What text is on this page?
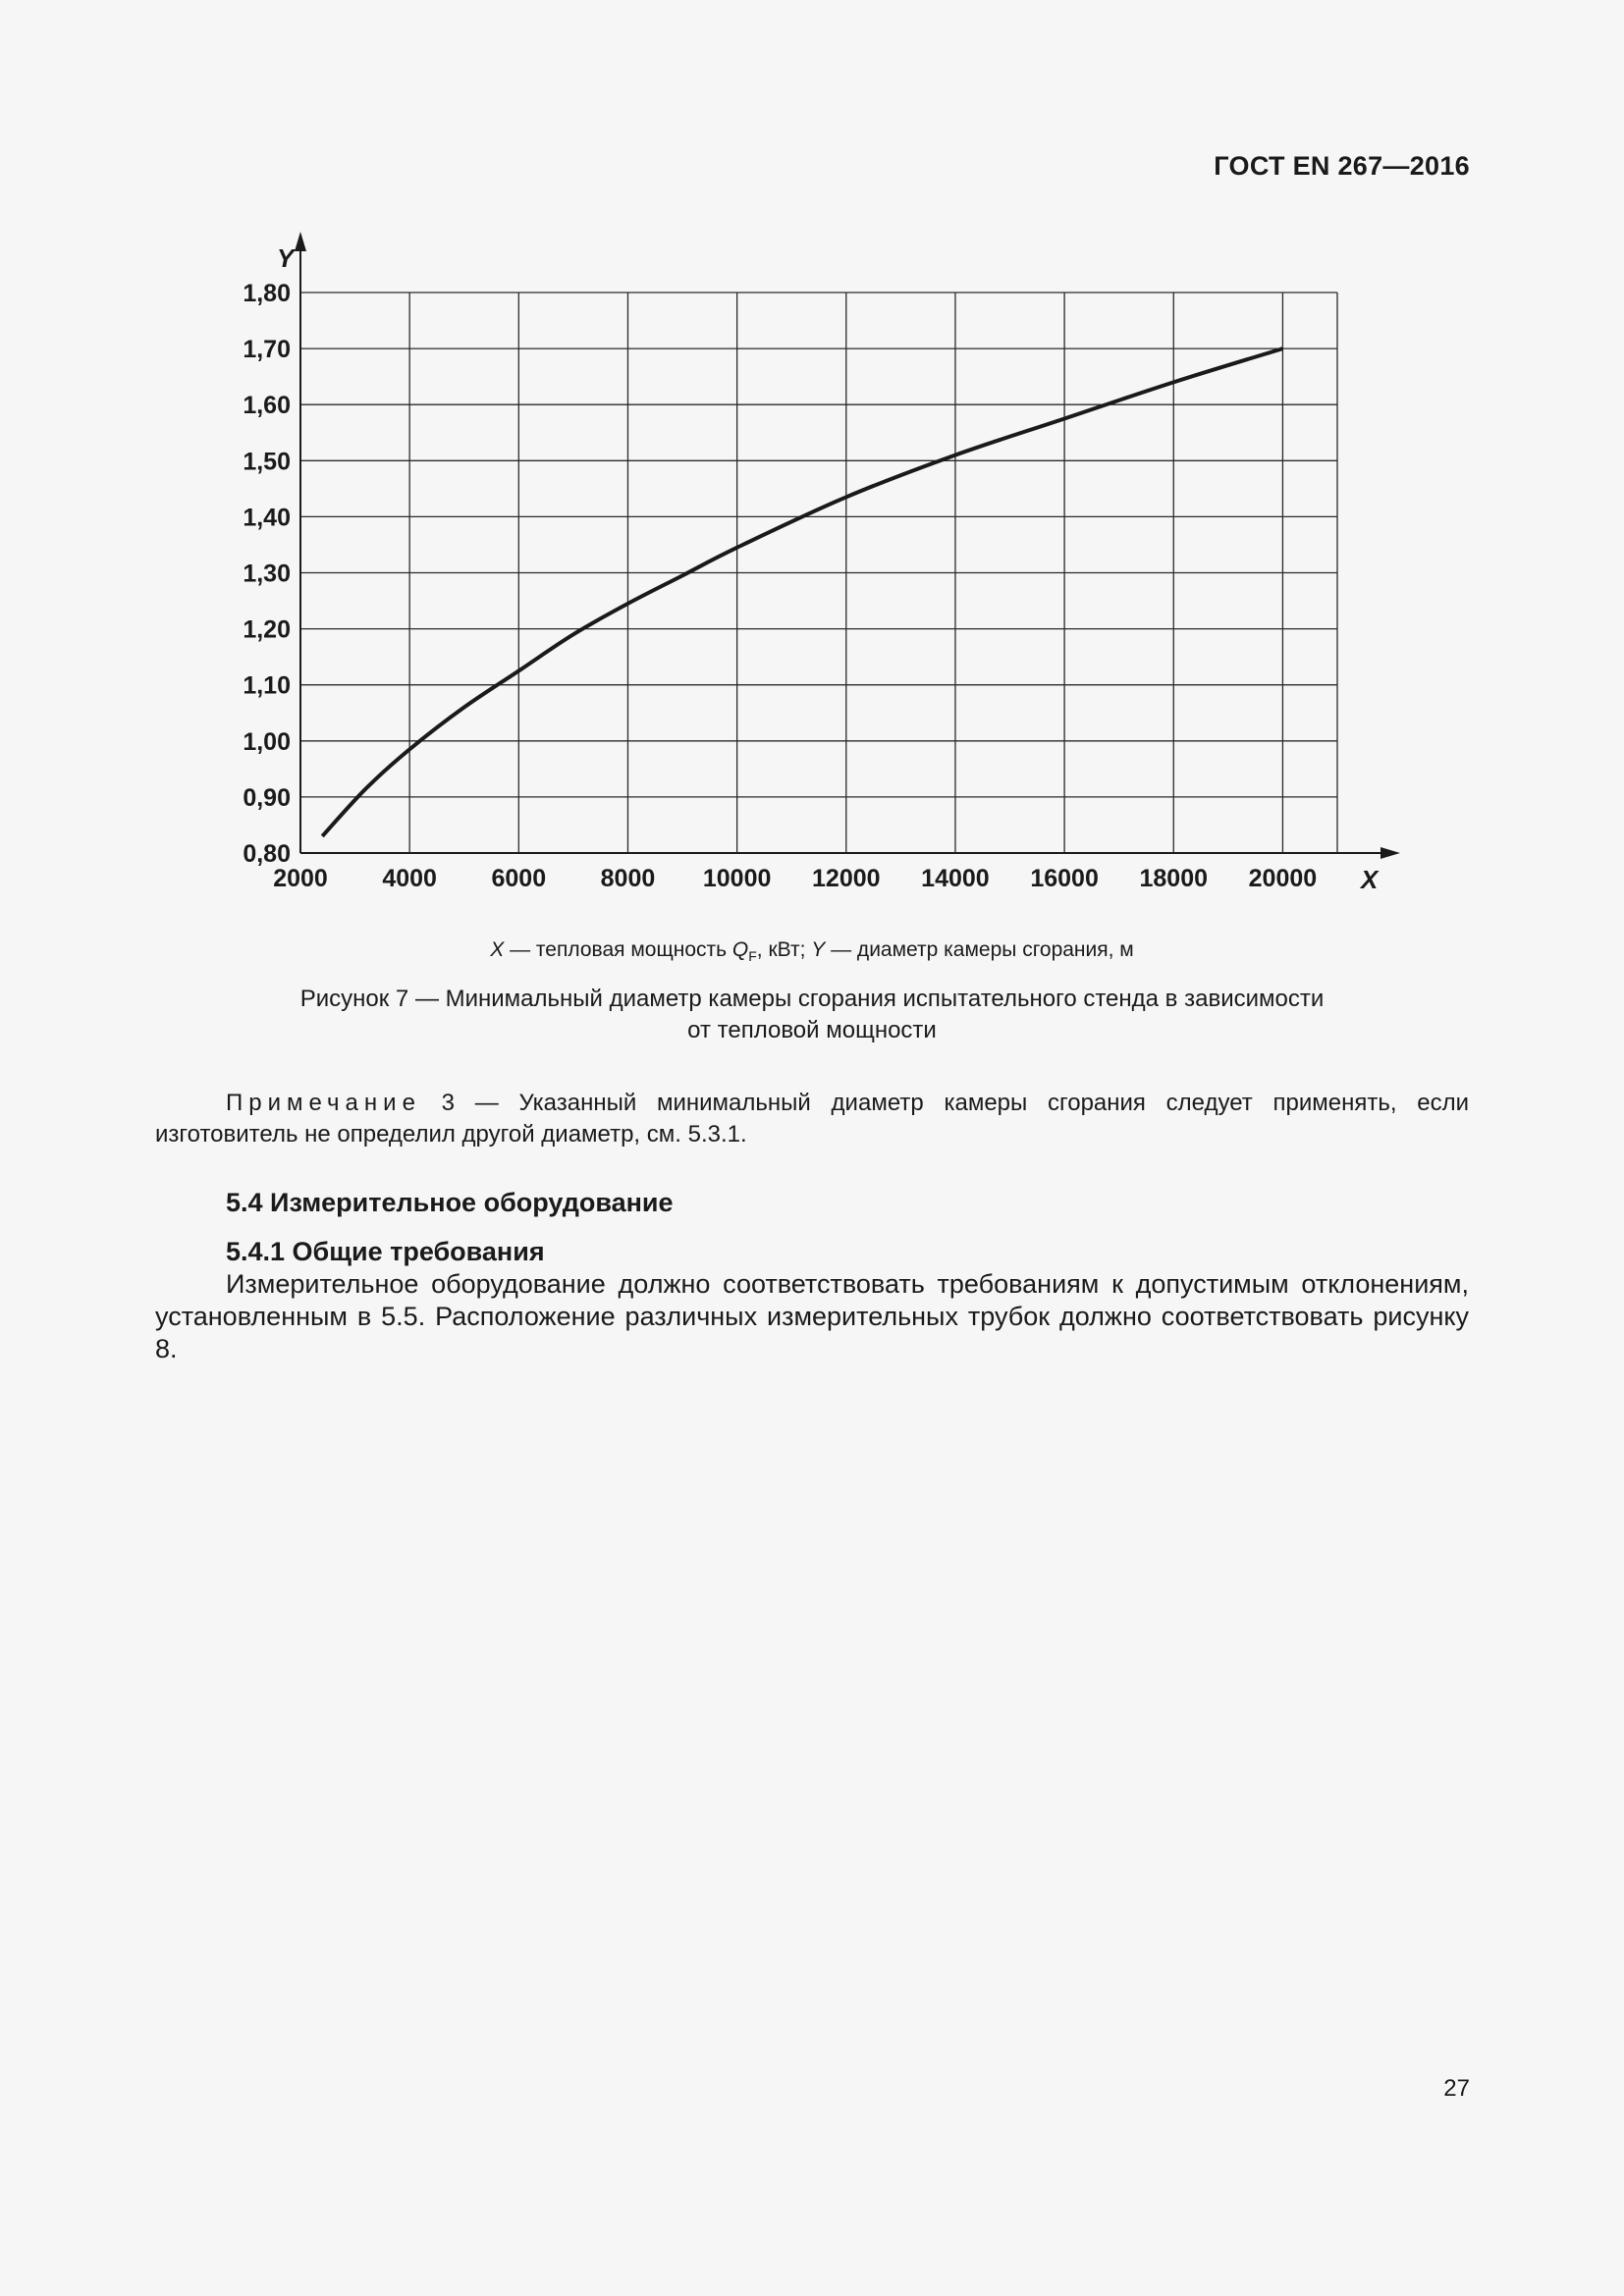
ГОСТ EN 267—2016
0,80
0,90
1,00
1,10
1,20
1,30
1,40
1,50
1,60
1,70
1,80
2000 4000 6000 8000 10000 12000 14000 16000 18000 20000
Y
X
X — тепловая мощность $Q_F$, кВт; Y — диаметр камеры сгорания, м
Рисунок 7 — Минимальный диаметр камеры сгорания испытательного стенда в зависимости
от тепловой мощности
Примечание 3 — Указанный минимальный диаметр камеры сгорания следует применять, если изготовитель не определил другой диаметр, см. 5.3.1.
5.4 Измерительное оборудование
5.4.1 Общие требования
Измерительное оборудование должно соответствовать требованиям к допустимым отклонениям, установленным в 5.5. Расположение различных измерительных трубок должно соответствовать рисунку 8.
27
